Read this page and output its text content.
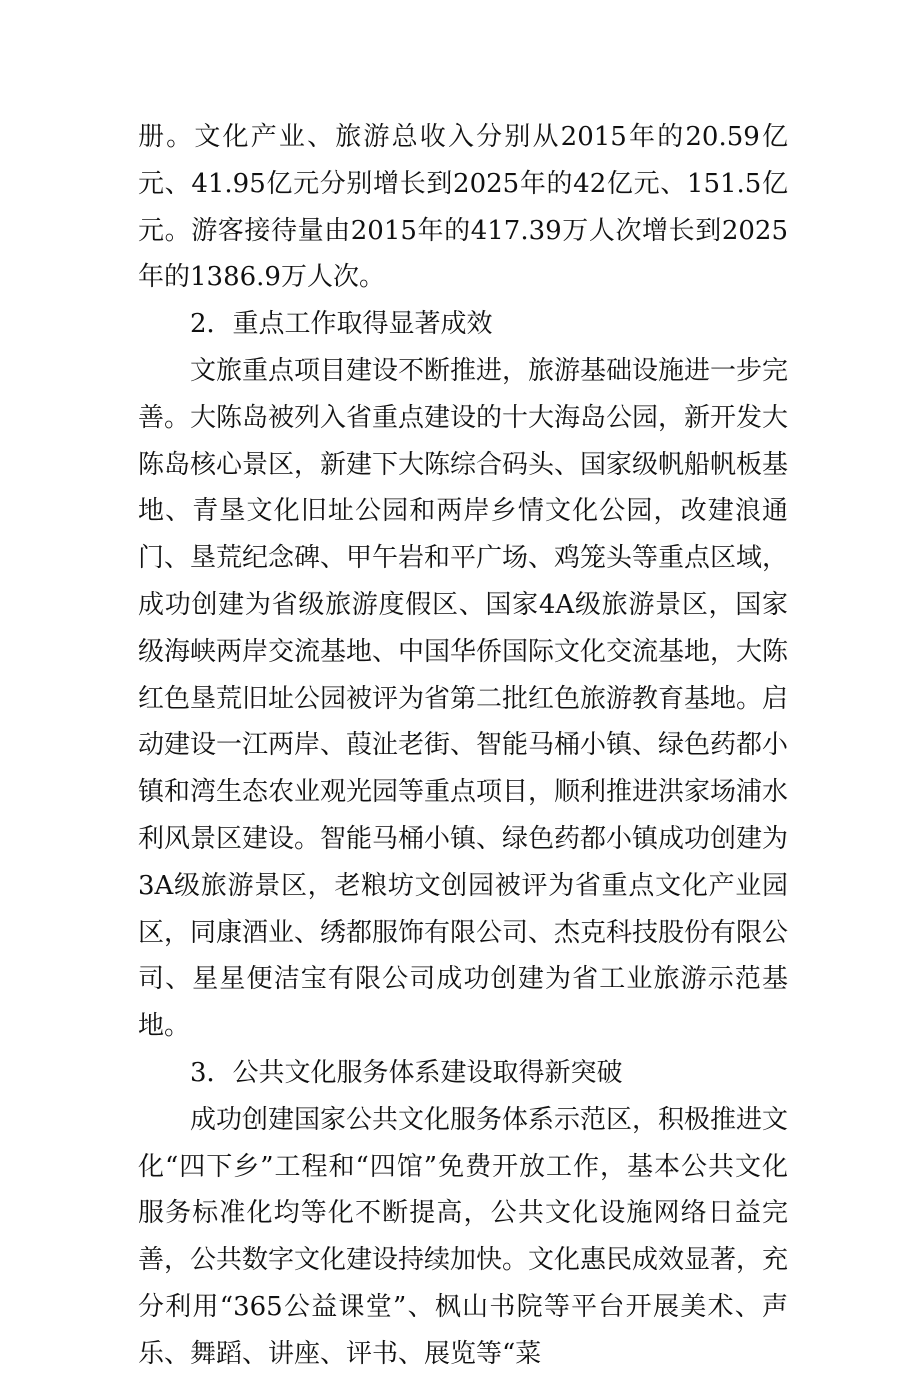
册。文化产业、旅游总收入分别从2015年的20.59亿元、41.95亿元分别增长到2025年的42亿元、151.5亿元。游客接待量由2015年的417.39万人次增长到2025年的1386.9万人次。

2．重点工作取得显著成效

文旅重点项目建设不断推进，旅游基础设施进一步完善。大陈岛被列入省重点建设的十大海岛公园，新开发大陈岛核心景区，新建下大陈综合码头、国家级帆船帆板基地、青垦文化旧址公园和两岸乡情文化公园，改建浪通门、垦荒纪念碑、甲午岩和平广场、鸡笼头等重点区域，成功创建为省级旅游度假区、国家4A级旅游景区，国家级海峡两岸交流基地、中国华侨国际文化交流基地，大陈红色垦荒旧址公园被评为省第二批红色旅游教育基地。启动建设一江两岸、葭沚老街、智能马桶小镇、绿色药都小镇和湾生态农业观光园等重点项目，顺利推进洪家场浦水利风景区建设。智能马桶小镇、绿色药都小镇成功创建为3A级旅游景区，老粮坊文创园被评为省重点文化产业园区，同康酒业、绣都服饰有限公司、杰克科技股份有限公司、星星便洁宝有限公司成功创建为省工业旅游示范基地。

3．公共文化服务体系建设取得新突破

成功创建国家公共文化服务体系示范区，积极推进文化“四下乡”工程和“四馆”免费开放工作，基本公共文化服务标准化均等化不断提高，公共文化设施网络日益完善，公共数字文化建设持续加快。文化惠民成效显著，充分利用“365公益课堂”、枫山书院等平台开展美术、声乐、舞蹈、讲座、评书、展览等“菜
